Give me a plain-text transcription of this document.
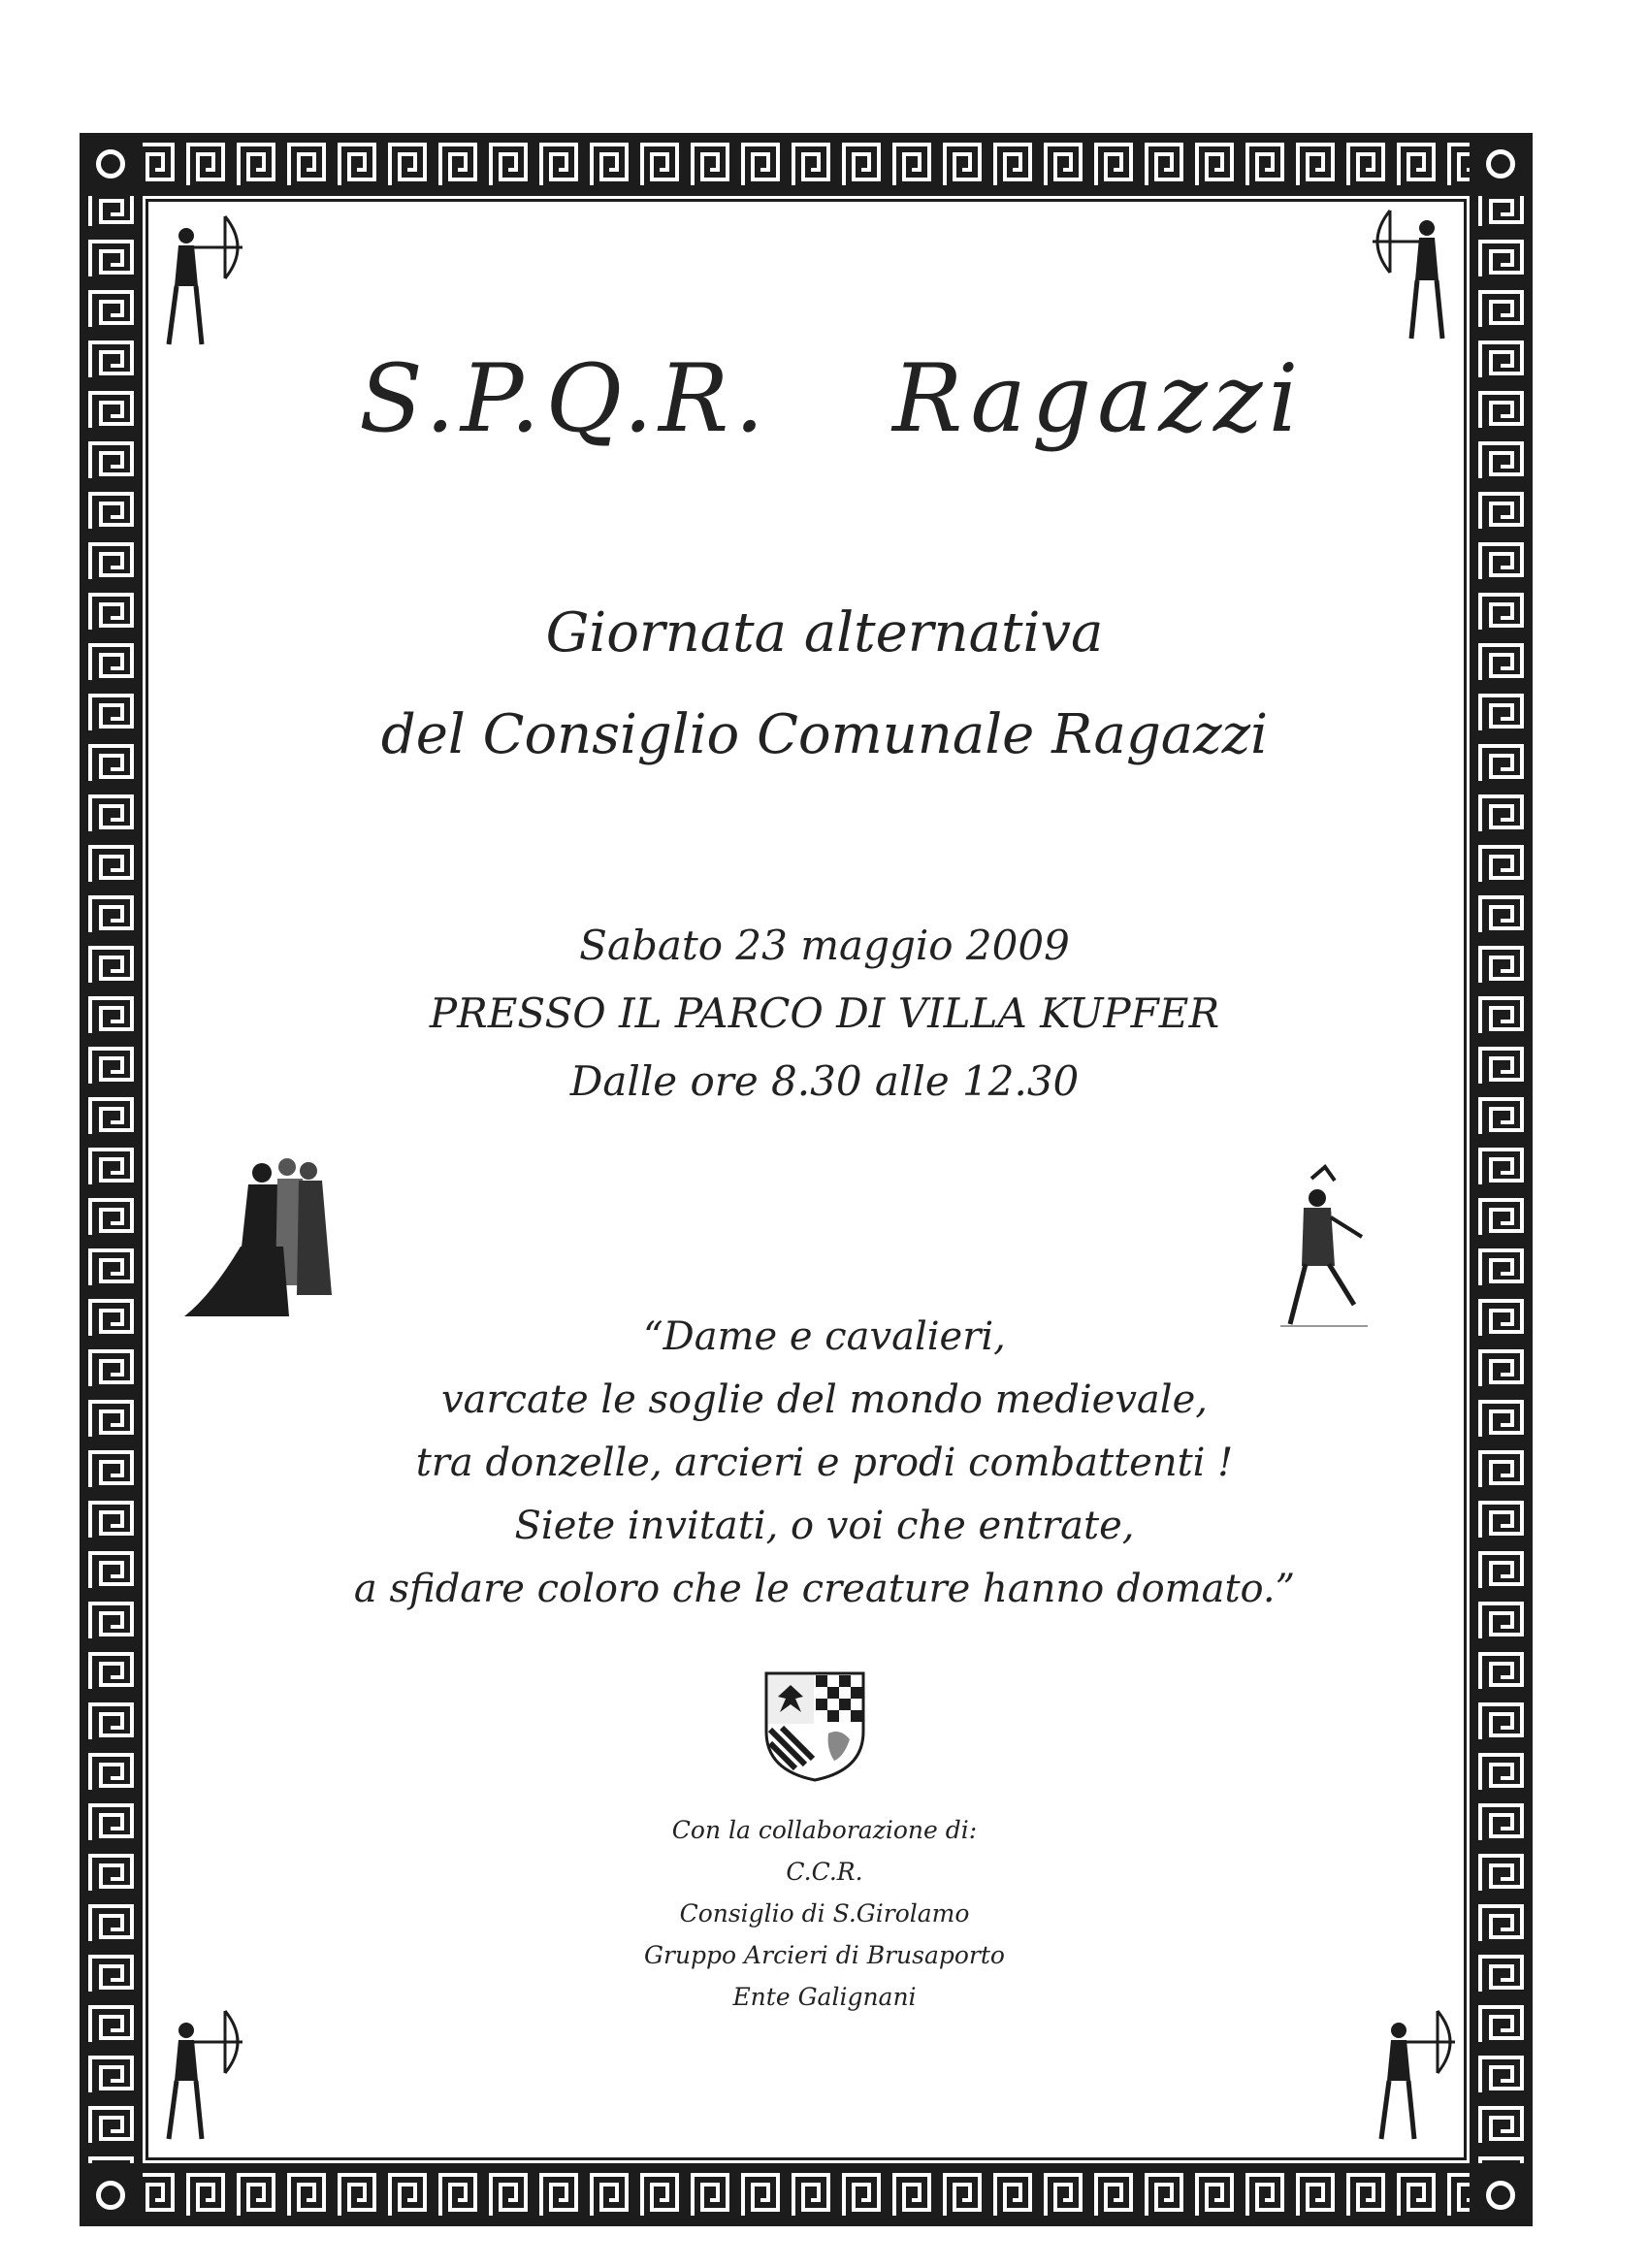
S.P.Q.R. Ragazzi
Giornata alternativa
del Consiglio Comunale Ragazzi
Sabato 23 maggio 2009
PRESSO IL PARCO DI VILLA KUPFER
Dalle ore 8.30 alle 12.30
“Dame e cavalieri,
varcate le soglie del mondo medievale,
tra donzelle, arcieri e prodi combattenti !
Siete invitati, o voi che entrate,
a sfidare coloro che le creature hanno domato.”
Con la collaborazione di:
C.C.R.
Consiglio di S.Girolamo
Gruppo Arcieri di Brusaporto
Ente Galignani
